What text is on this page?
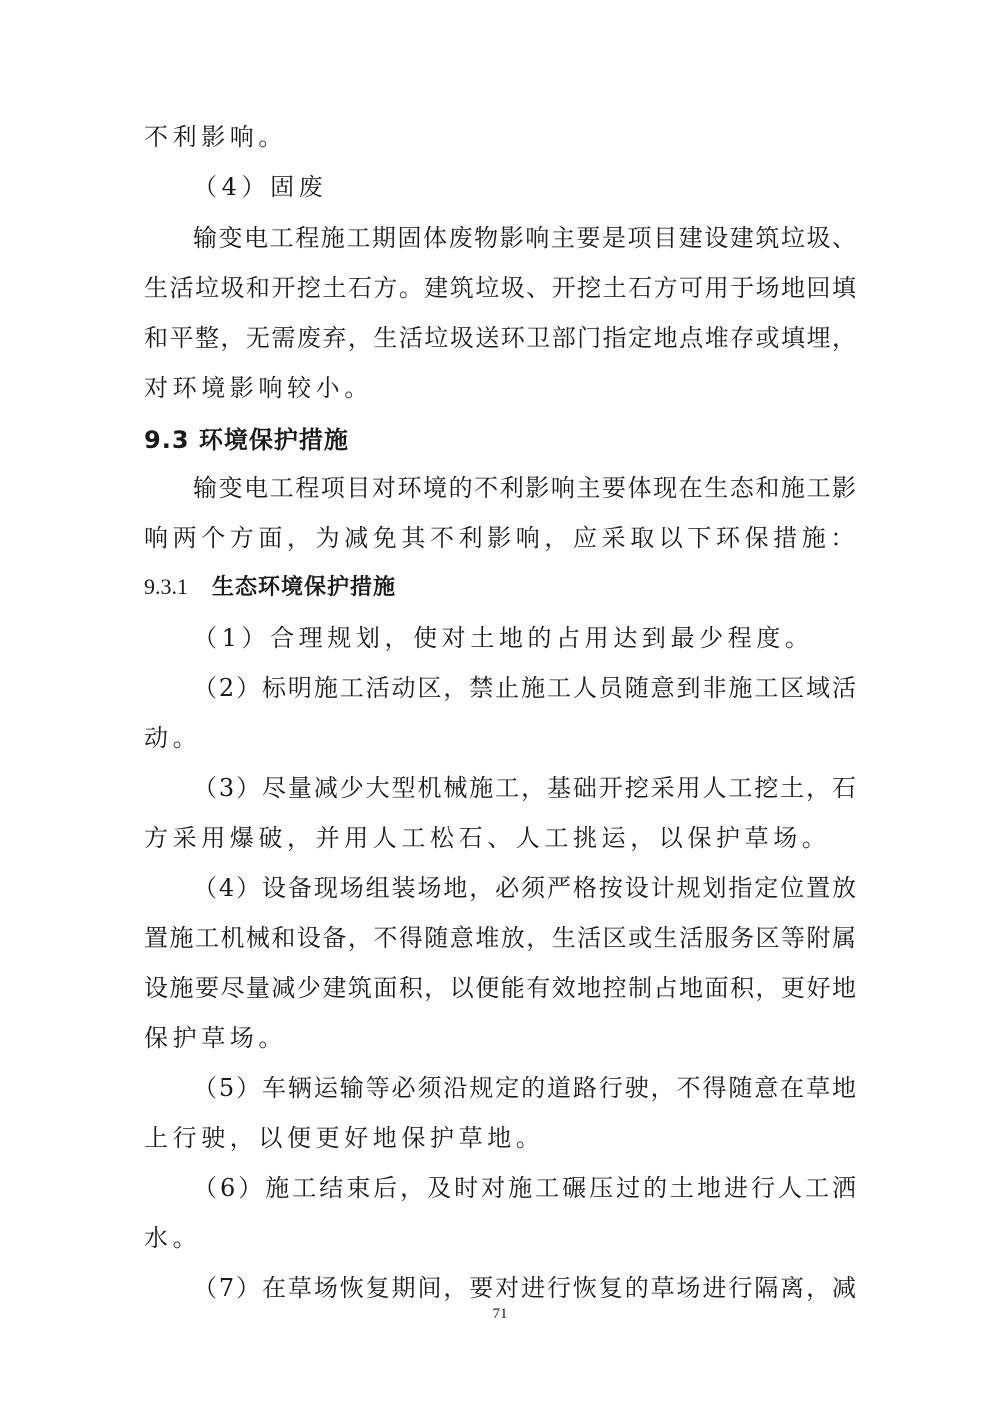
不利影响。
（4）固废
输变电工程施工期固体废物影响主要是项目建设建筑垃圾、
生活垃圾和开挖土石方。建筑垃圾、开挖土石方可用于场地回填
和平整，无需废弃，生活垃圾送环卫部门指定地点堆存或填埋，
对环境影响较小。
9.3 环境保护措施
输变电工程项目对环境的不利影响主要体现在生态和施工影
响两个方面，为减免其不利影响，应采取以下环保措施：
9.3.1 生态环境保护措施
（1）合理规划，使对土地的占用达到最少程度。
（2）标明施工活动区，禁止施工人员随意到非施工区域活
动。
（3）尽量减少大型机械施工，基础开挖采用人工挖土，石
方采用爆破，并用人工松石、人工挑运，以保护草场。
（4）设备现场组装场地，必须严格按设计规划指定位置放
置施工机械和设备，不得随意堆放，生活区或生活服务区等附属
设施要尽量减少建筑面积，以便能有效地控制占地面积，更好地
保护草场。
（5）车辆运输等必须沿规定的道路行驶，不得随意在草地
上行驶，以便更好地保护草地。
（6）施工结束后，及时对施工碾压过的土地进行人工洒
水。
（7）在草场恢复期间，要对进行恢复的草场进行隔离，减
71
